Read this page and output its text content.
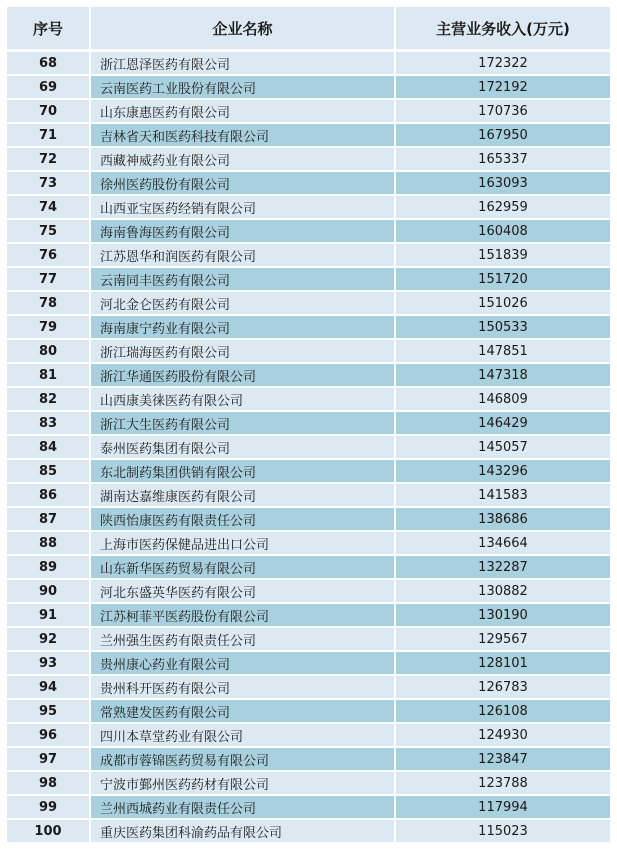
序号	企业名称	主营业务收入(万元)
68	浙江恩泽医药有限公司	172322
69	云南医药工业股份有限公司	172192
70	山东康惠医药有限公司	170736
71	吉林省天和医药科技有限公司	167950
72	西藏神威药业有限公司	165337
73	徐州医药股份有限公司	163093
74	山西亚宝医药经销有限公司	162959
75	海南鲁海医药有限公司	160408
76	江苏恩华和润医药有限公司	151839
77	云南同丰医药有限公司	151720
78	河北金仑医药有限公司	151026
79	海南康宁药业有限公司	150533
80	浙江瑞海医药有限公司	147851
81	浙江华通医药股份有限公司	147318
82	山西康美徕医药有限公司	146809
83	浙江大生医药有限公司	146429
84	泰州医药集团有限公司	145057
85	东北制药集团供销有限公司	143296
86	湖南达嘉维康医药有限公司	141583
87	陕西怡康医药有限责任公司	138686
88	上海市医药保健品进出口公司	134664
89	山东新华医药贸易有限公司	132287
90	河北东盛英华医药有限公司	130882
91	江苏柯菲平医药股份有限公司	130190
92	兰州强生医药有限责任公司	129567
93	贵州康心药业有限公司	128101
94	贵州科开医药有限公司	126783
95	常熟建发医药有限公司	126108
96	四川本草堂药业有限公司	124930
97	成都市蓉锦医药贸易有限公司	123847
98	宁波市鄞州医药药材有限公司	123788
99	兰州西城药业有限责任公司	117994
100	重庆医药集团科渝药品有限公司	115023
